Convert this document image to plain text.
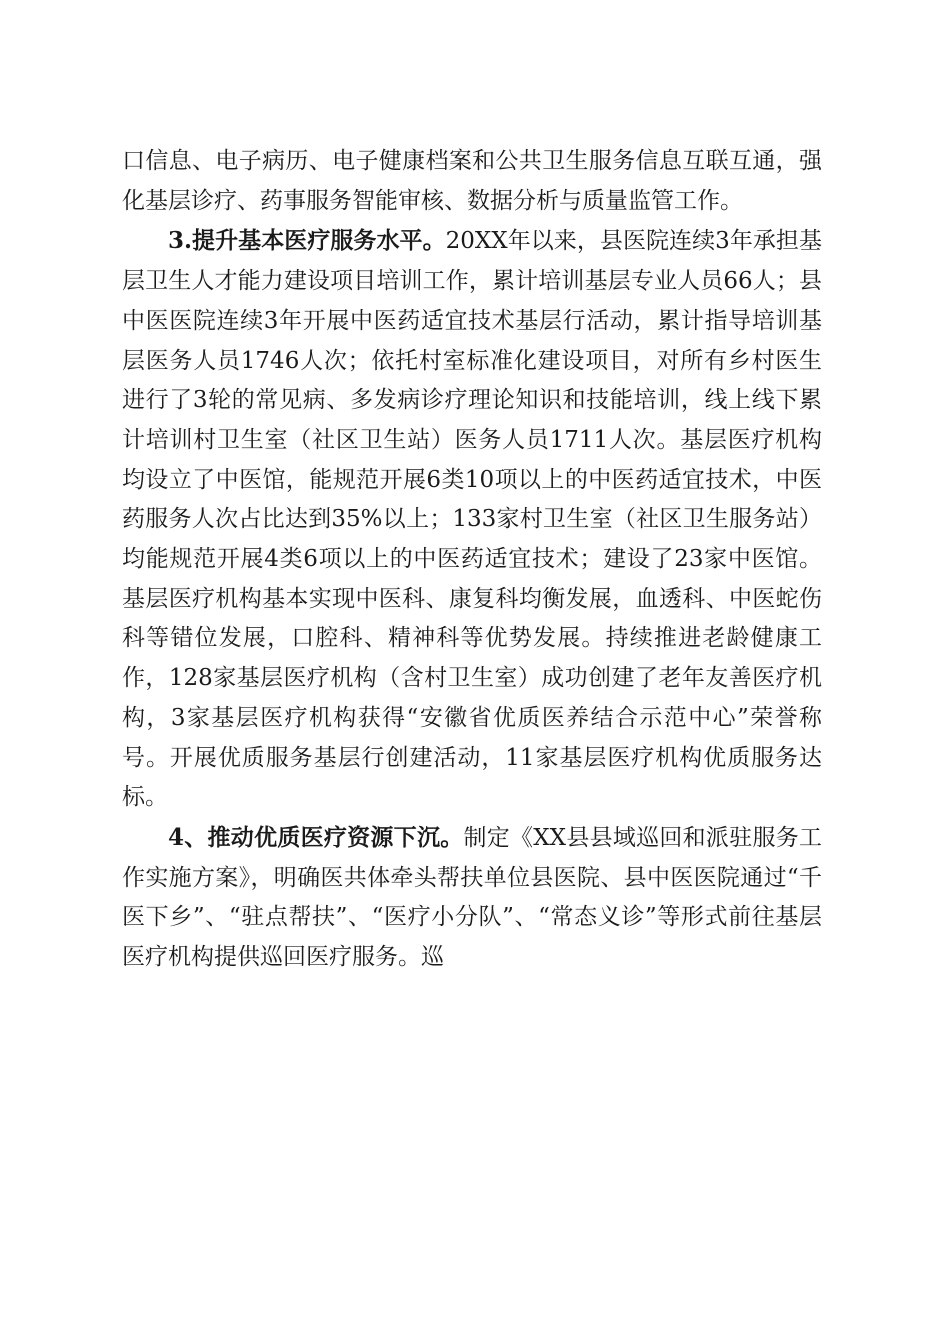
口信息、电子病历、电子健康档案和公共卫生服务信息互联互通，强化基层诊疗、药事服务智能审核、数据分析与质量监管工作。

3.提升基本医疗服务水平。20XX年以来，县医院连续3年承担基层卫生人才能力建设项目培训工作，累计培训基层专业人员66人；县中医医院连续3年开展中医药适宜技术基层行活动，累计指导培训基层医务人员1746人次；依托村室标准化建设项目，对所有乡村医生进行了3轮的常见病、多发病诊疗理论知识和技能培训，线上线下累计培训村卫生室（社区卫生站）医务人员1711人次。基层医疗机构均设立了中医馆，能规范开展6类10项以上的中医药适宜技术，中医药服务人次占比达到35%以上；133家村卫生室（社区卫生服务站）均能规范开展4类6项以上的中医药适宜技术；建设了23家中医馆。基层医疗机构基本实现中医科、康复科均衡发展，血透科、中医蛇伤科等错位发展，口腔科、精神科等优势发展。持续推进老龄健康工作，128家基层医疗机构（含村卫生室）成功创建了老年友善医疗机构，3家基层医疗机构获得“安徽省优质医养结合示范中心”荣誉称号。开展优质服务基层行创建活动，11家基层医疗机构优质服务达标。

4、推动优质医疗资源下沉。制定《XX县县域巡回和派驻服务工作实施方案》，明确医共体牵头帮扶单位县医院、县中医医院通过“千医下乡”、“驻点帮扶”、“医疗小分队”、“常态义诊”等形式前往基层医疗机构提供巡回医疗服务。巡
